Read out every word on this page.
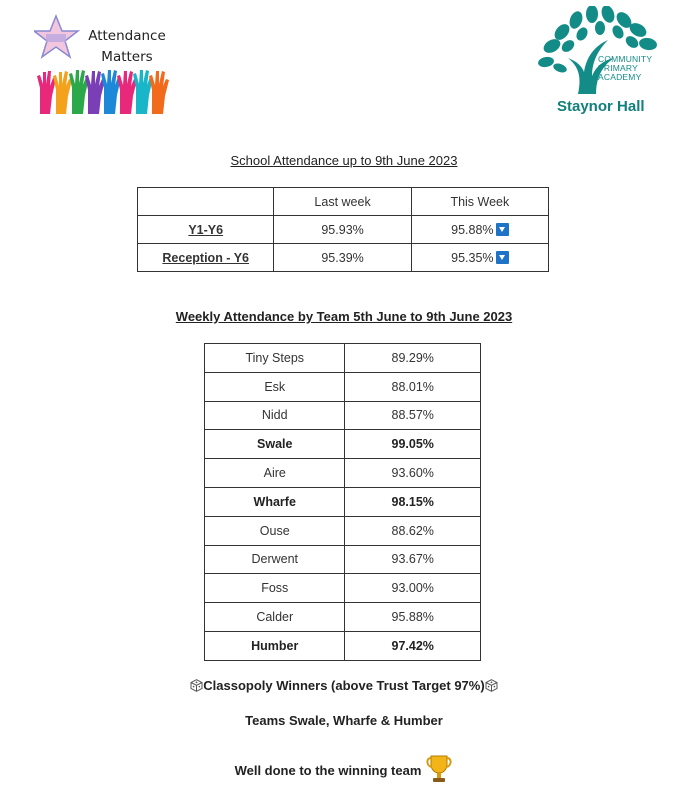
Attendance
Matters	COMMUNITY
PRIMARY
ACADEMY
Staynor Hall
School Attendance up to 9th June 2023
	Last week	This Week
Y1-Y6	95.93%	95.88%
Reception - Y6	95.39%	95.35%
Weekly Attendance by Team 5th June to 9th June 2023
Tiny Steps	89.29%
Esk	88.01%
Nidd	88.57%
Swale	99.05%
Aire	93.60%
Wharfe	98.15%
Ouse	88.62%
Derwent	93.67%
Foss	93.00%
Calder	95.88%
Humber	97.42%
Classopoly Winners (above Trust Target 97%)
Teams Swale, Wharfe & Humber
Well done to the winning team
